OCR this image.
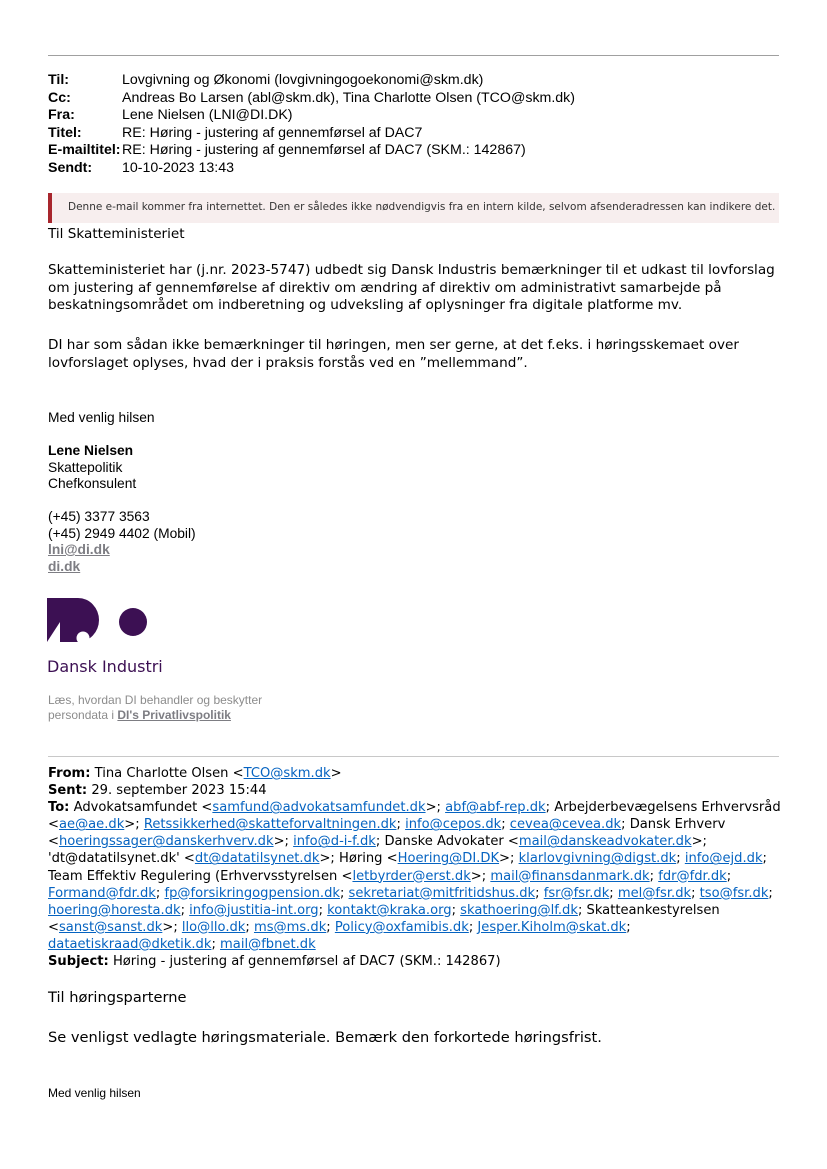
Til:	Lovgivning og Økonomi (lovgivningogoekonomi@skm.dk)
Cc:	Andreas Bo Larsen (abl@skm.dk), Tina Charlotte Olsen (TCO@skm.dk)
Fra:	Lene Nielsen (LNI@DI.DK)
Titel:	RE: Høring - justering af gennemførsel af DAC7
E-mailtitel: RE: Høring - justering af gennemførsel af DAC7 (SKM.: 142867)
Sendt:	10-10-2023 13:43
Denne e-mail kommer fra internettet. Den er således ikke nødvendigvis fra en intern kilde, selvom afsenderadressen kan indikere det.
Til Skatteministeriet
Skatteministeriet har (j.nr. 2023-5747) udbedt sig Dansk Industris bemærkninger til et udkast til lovforslag om justering af gennemførelse af direktiv om ændring af direktiv om administrativt samarbejde på beskatningsområdet om indberetning og udveksling af oplysninger fra digitale platforme mv.
DI har som sådan ikke bemærkninger til høringen, men ser gerne, at det f.eks. i høringsskemaet over lovforslaget oplyses, hvad der i praksis forstås ved en ”mellemmand”.
Med venlig hilsen
Lene Nielsen
Skattepolitik
Chefkonsulent
(+45) 3377 3563
(+45) 2949 4402 (Mobil)
lni@di.dk
di.dk
Dansk Industri
Læs, hvordan DI behandler og beskytter
persondata i DI's Privatlivspolitik
From: Tina Charlotte Olsen <TCO@skm.dk>
Sent: 29. september 2023 15:44
To: Advokatsamfundet <samfund@advokatsamfundet.dk>; abf@abf-rep.dk; Arbejderbevægelsens Erhvervsråd <ae@ae.dk>; Retssikkerhed@skatteforvaltningen.dk; info@cepos.dk; cevea@cevea.dk; Dansk Erhverv <hoeringssager@danskerhverv.dk>; info@d-i-f.dk; Danske Advokater <mail@danskeadvokater.dk>; 'dt@datatilsynet.dk' <dt@datatilsynet.dk>; Høring <Hoering@DI.DK>; klarlovgivning@digst.dk; info@ejd.dk; Team Effektiv Regulering (Erhvervsstyrelsen <letbyrder@erst.dk>; mail@finansdanmark.dk; fdr@fdr.dk; Formand@fdr.dk; fp@forsikringogpension.dk; sekretariat@mitfritidshus.dk; fsr@fsr.dk; mel@fsr.dk; tso@fsr.dk; hoering@horesta.dk; info@justitia-int.org; kontakt@kraka.org; skathoering@lf.dk; Skatteankestyrelsen <sanst@sanst.dk>; llo@llo.dk; ms@ms.dk; Policy@oxfamibis.dk; Jesper.Kiholm@skat.dk; dataetiskraad@dketik.dk; mail@fbnet.dk
Subject: Høring - justering af gennemførsel af DAC7 (SKM.: 142867)
Til høringsparterne
Se venligst vedlagte høringsmateriale. Bemærk den forkortede høringsfrist.
Med venlig hilsen
